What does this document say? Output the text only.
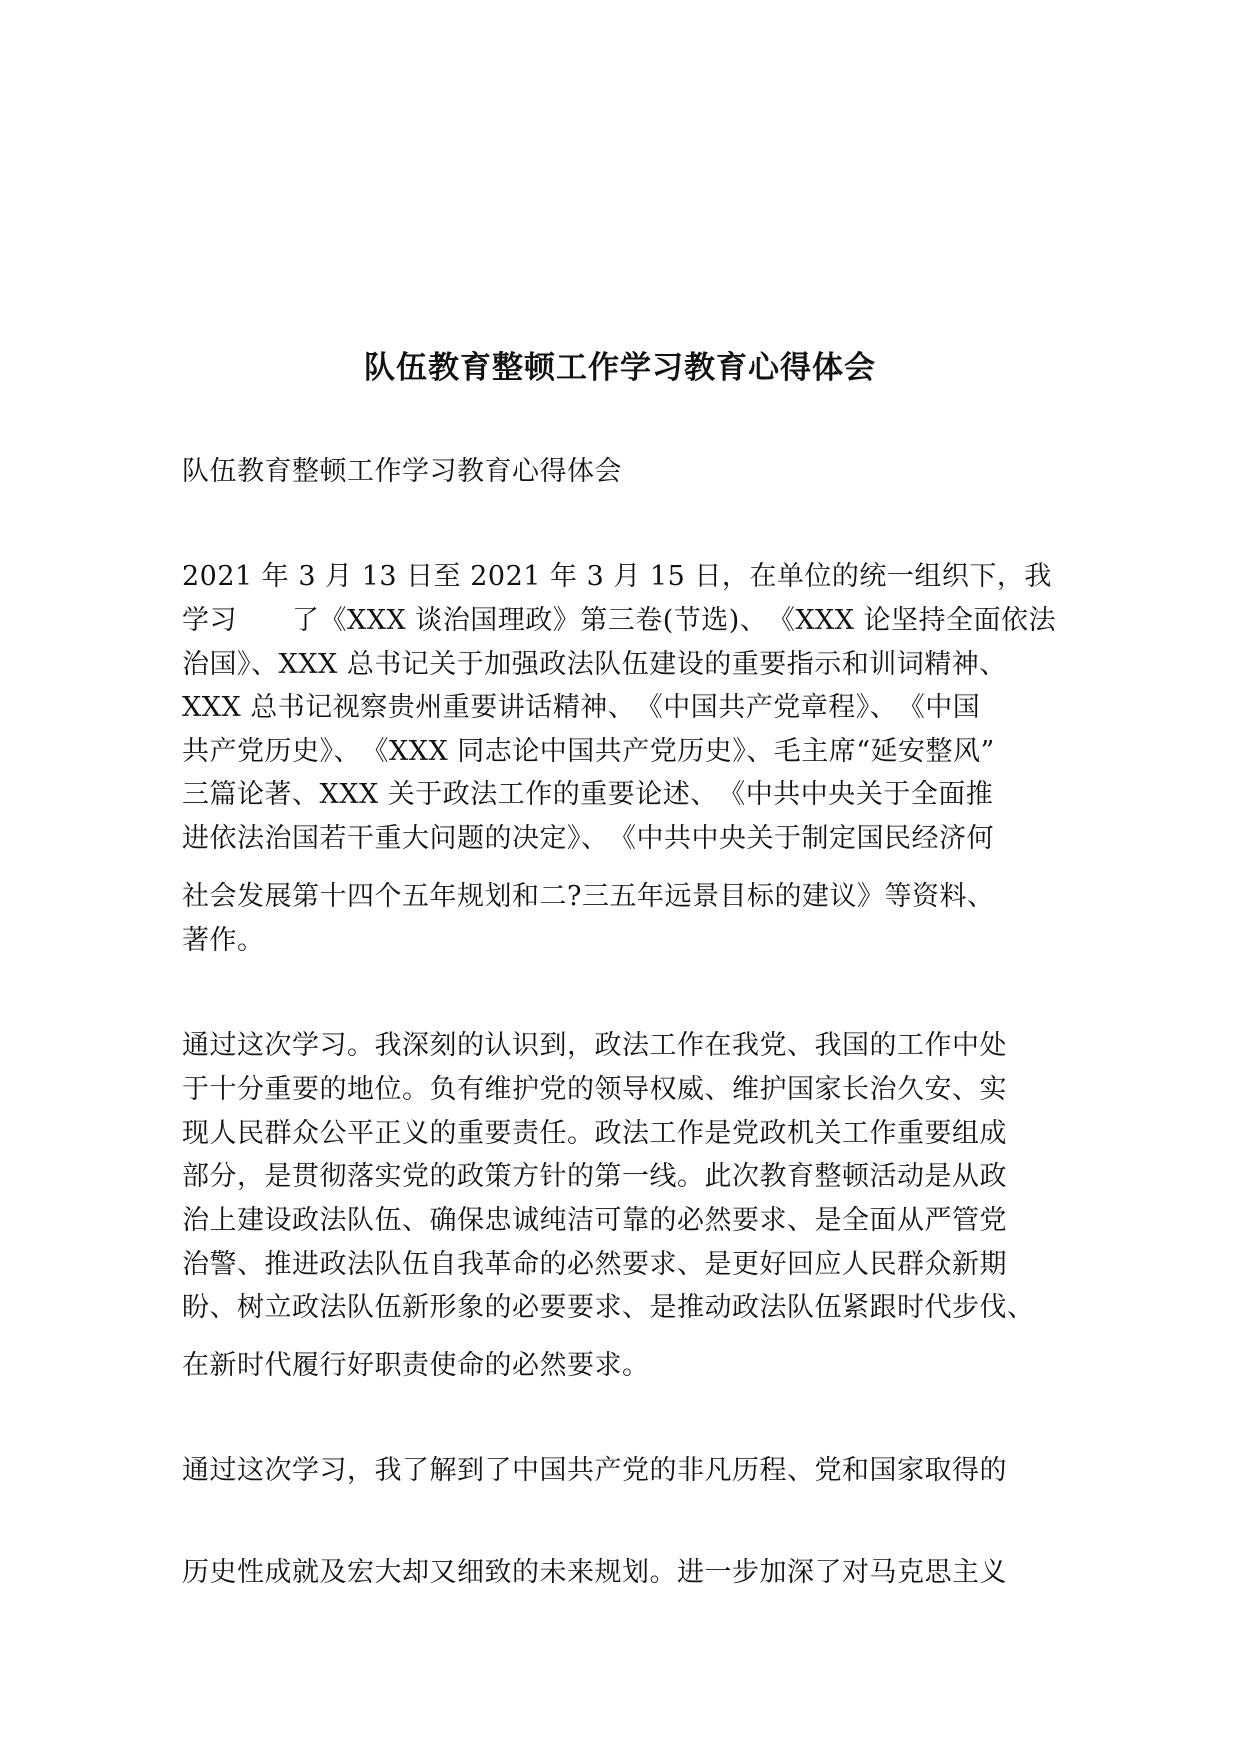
队伍教育整顿工作学习教育心得体会
队伍教育整顿工作学习教育心得体会
2021 年 3 月 13 日至 2021 年 3 月 15 日，在单位的统一组织下，我
学习　　了《XXX 谈治国理政》第三卷(节选)、　《XXX 论坚持全面依法
治国》、XXX 总书记关于加强政法队伍建设的重要指示和训词精神、
XXX 总书记视察贵州重要讲话精神、　《中国共产党章程》、　《中国
共产党历史》、　《XXX 同志论中国共产党历史》、毛主席“延安整风”
三篇论著、XXX 关于政法工作的重要论述、　《中共中央关于全面推
进依法治国若干重大问题的决定》、　《中共中央关于制定国民经济何
社会发展第十四个五年规划和二?三五年远景目标的建议》等资料、
著作。
通过这次学习。我深刻的认识到，政法工作在我党、我国的工作中处
于十分重要的地位。负有维护党的领导权威、维护国家长治久安、实
现人民群众公平正义的重要责任。政法工作是党政机关工作重要组成
部分，是贯彻落实党的政策方针的第一线。此次教育整顿活动是从政
治上建设政法队伍、确保忠诚纯洁可靠的必然要求、是全面从严管党
治警、推进政法队伍自我革命的必然要求、是更好回应人民群众新期
盼、树立政法队伍新形象的必要要求、是推动政法队伍紧跟时代步伐、
在新时代履行好职责使命的必然要求。
通过这次学习，我了解到了中国共产党的非凡历程、党和国家取得的
历史性成就及宏大却又细致的未来规划。进一步加深了对马克思主义
